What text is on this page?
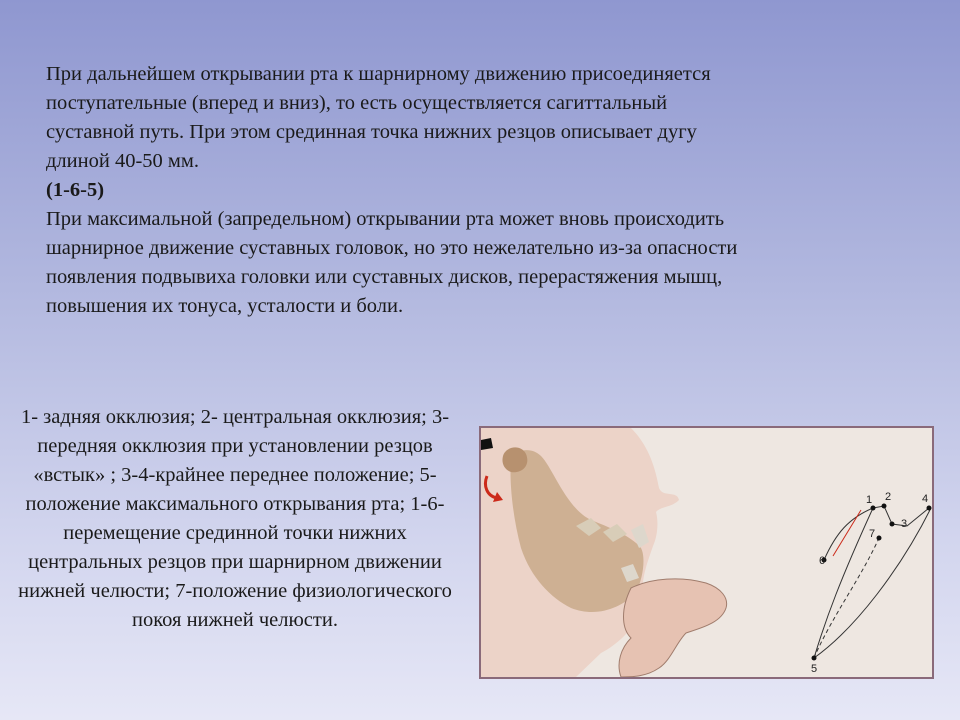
При дальнейшем открывании рта к шарнирному движению присоединяется поступательные (вперед и вниз), то есть осуществляется сагиттальный суставной путь. При этом срединная точка нижних резцов описывает дугу длиной 40-50 мм.

(1-6-5)

При максимальной (запредельном) открывании рта может вновь происходить шарнирное движение суставных головок, но это нежелательно из-за опасности появления подвывиха головки или суставных дисков, перерастяжения мышц, повышения их тонуса, усталости и боли.

1- задняя окклюзия; 2- центральная окклюзия; 3-передняя окклюзия при установлении резцов «встык» ; 3-4-крайнее переднее положение; 5-положение максимального открывания рта; 1-6- перемещение срединной точки нижних центральных резцов при шарнирном движении нижней челюсти; 7-положение физиологического покоя нижней челюсти.
1 2
3
4
5
6
7
